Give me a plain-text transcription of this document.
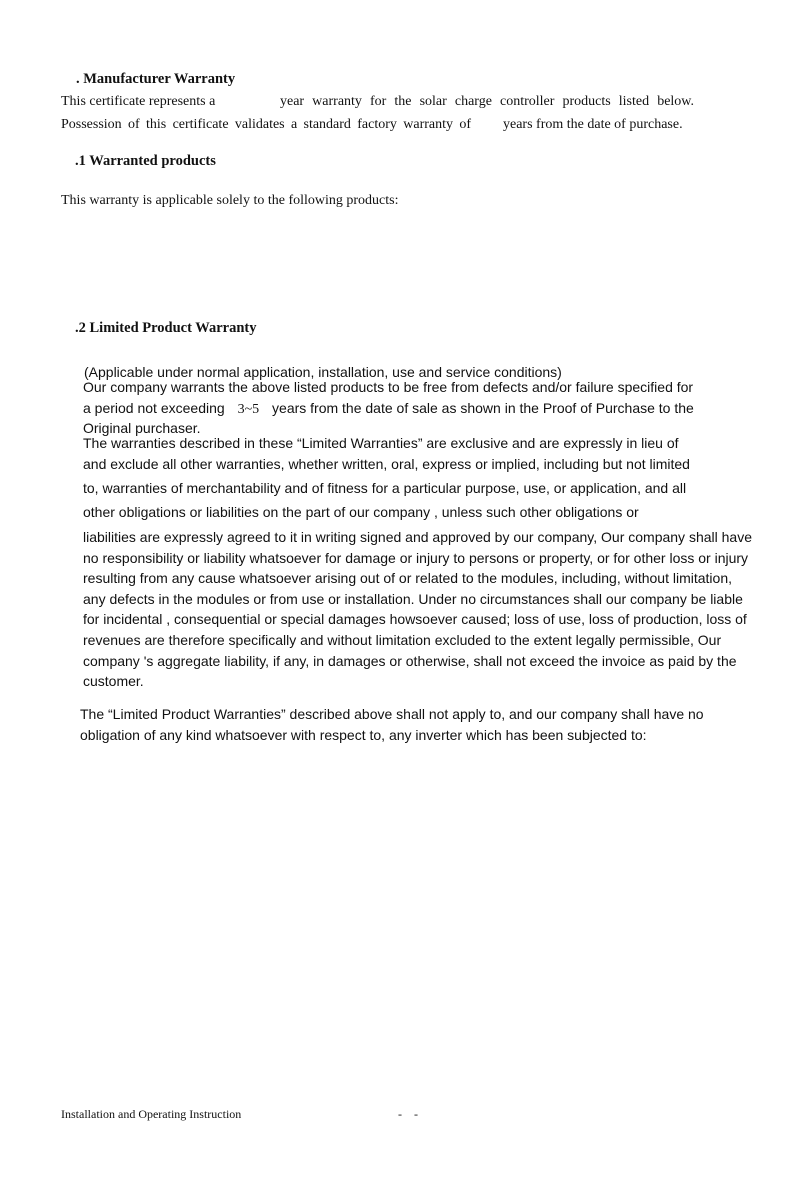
. Manufacturer Warranty
This certificate represents a	year warranty for the solar charge controller products listed below.
Possession of this certificate validates a standard factory warranty of years from the date of purchase.
.1 Warranted products
This warranty is applicable solely to the following products:
.2 Limited Product Warranty
(Applicable under normal application, installation, use and service conditions)
Our company warrants the above listed products to be free from defects and/or failure specified for
a period not exceeding 3~5 years from the date of sale as shown in the Proof of Purchase to the
Original purchaser.
The warranties described in these “Limited Warranties” are exclusive and are expressly in lieu of
and exclude all other warranties, whether written, oral, express or implied, including but not limited
to, warranties of merchantability and of fitness for a particular purpose, use, or application, and all
other obligations or liabilities on the part of our company , unless such other obligations or
liabilities are expressly agreed to it in writing signed and approved by our company, Our company shall have no responsibility or liability whatsoever for damage or injury to persons or property, or for other loss or injury resulting from any cause whatsoever arising out of or related to the modules, including, without limitation, any defects in the modules or from use or installation. Under no circumstances shall our company be liable for incidental , consequential or special damages howsoever caused; loss of use, loss of production, loss of revenues are therefore specifically and without limitation excluded to the extent legally permissible, Our company 's aggregate liability, if any, in damages or otherwise, shall not exceed the invoice as paid by the customer.
The “Limited Product Warranties” described above shall not apply to, and our company shall have no obligation of any kind whatsoever with respect to, any inverter which has been subjected to:
Installation and Operating Instruction	-    -
